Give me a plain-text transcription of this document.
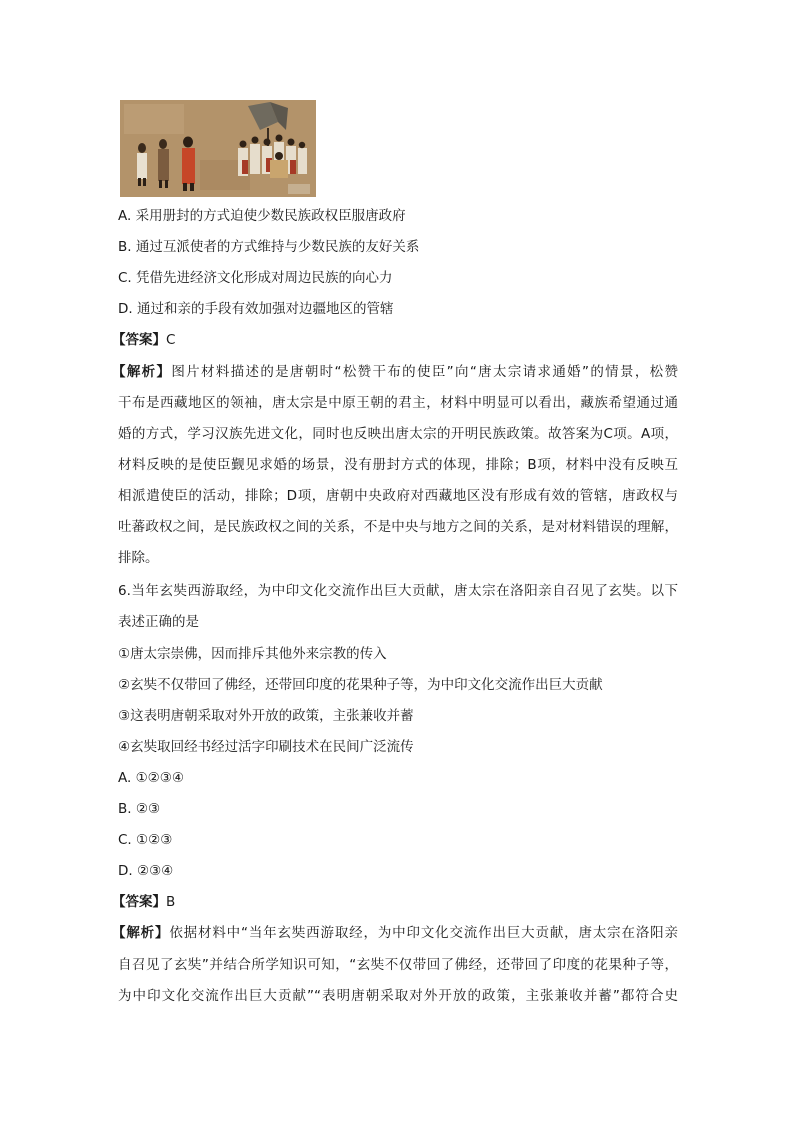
A. 采用册封的方式迫使少数民族政权臣服唐政府
B. 通过互派使者的方式维持与少数民族的友好关系
C. 凭借先进经济文化形成对周边民族的向心力
D. 通过和亲的手段有效加强对边疆地区的管辖
【答案】C
【解析】图片材料描述的是唐朝时“松赞干布的使臣”向“唐太宗请求通婚”的情景，松赞
干布是西藏地区的领袖，唐太宗是中原王朝的君主，材料中明显可以看出，藏族希望通过通
婚的方式，学习汉族先进文化，同时也反映出唐太宗的开明民族政策。故答案为C项。A项，
材料反映的是使臣觐见求婚的场景，没有册封方式的体现，排除；B项，材料中没有反映互
相派遣使臣的活动，排除；D项，唐朝中央政府对西藏地区没有形成有效的管辖，唐政权与
吐蕃政权之间，是民族政权之间的关系，不是中央与地方之间的关系，是对材料错误的理解，
排除。
6.当年玄奘西游取经，为中印文化交流作出巨大贡献，唐太宗在洛阳亲自召见了玄奘。以下
表述正确的是
①唐太宗崇佛，因而排斥其他外来宗教的传入
②玄奘不仅带回了佛经，还带回印度的花果种子等，为中印文化交流作出巨大贡献
③这表明唐朝采取对外开放的政策，主张兼收并蓄
④玄奘取回经书经过活字印刷技术在民间广泛流传
A. ①②③④
B. ②③
C. ①②③
D. ②③④
【答案】B
【解析】依据材料中“当年玄奘西游取经，为中印文化交流作出巨大贡献，唐太宗在洛阳亲
自召见了玄奘”并结合所学知识可知，“玄奘不仅带回了佛经，还带回了印度的花果种子等，
为中印文化交流作出巨大贡献”“表明唐朝采取对外开放的政策，主张兼收并蓄”都符合史
